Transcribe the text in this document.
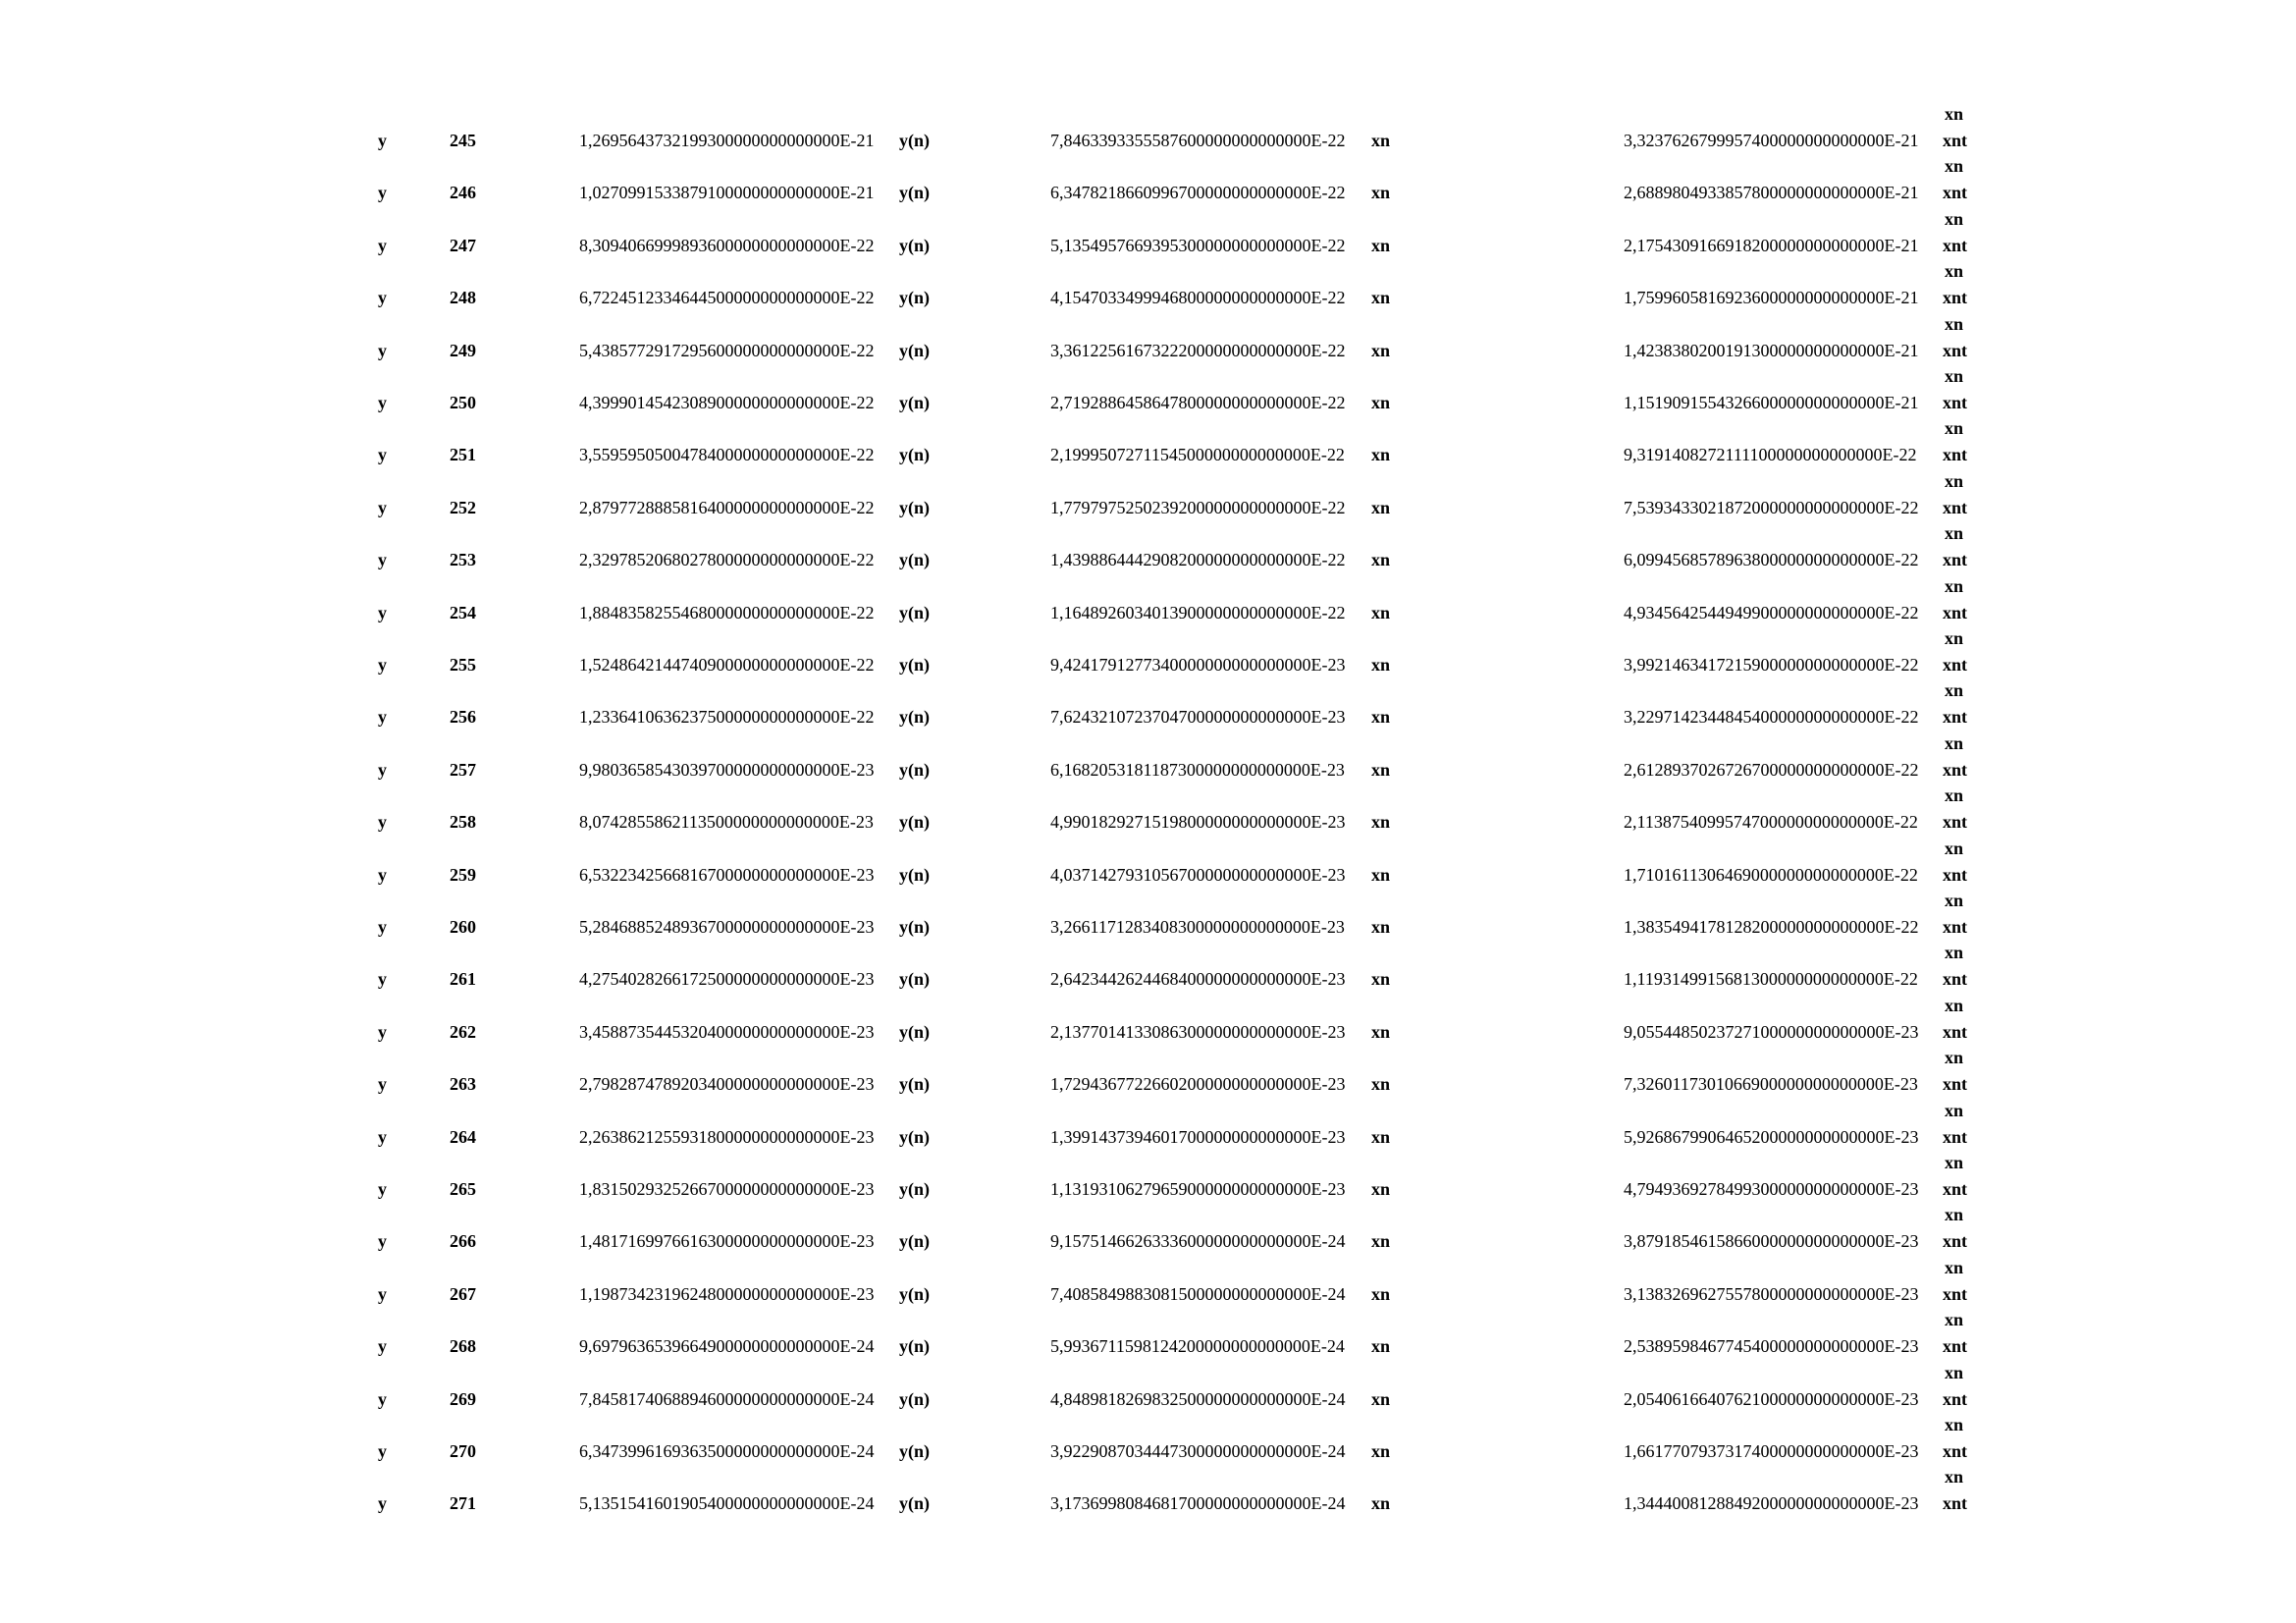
xn
y	245	1,2695643732199300000000000000E-21 y(n)	7,8463393355587600000000000000E-22 xn	3,3237626799957400000000000000E-21 xnt
xn
y	246	1,0270991533879100000000000000E-21 y(n)	6,3478218660996700000000000000E-22 xn	2,6889804933857800000000000000E-21 xnt
xn
y	247	8,3094066999893600000000000000E-22 y(n)	5,1354957669395300000000000000E-22 xn	2,1754309166918200000000000000E-21 xnt
xn
y	248	6,7224512334644500000000000000E-22 y(n)	4,1547033499946800000000000000E-22 xn	1,7599605816923600000000000000E-21 xnt
xn
y	249	5,4385772917295600000000000000E-22 y(n)	3,3612256167322200000000000000E-22 xn	1,4238380200191300000000000000E-21 xnt
xn
y	250	4,3999014542308900000000000000E-22 y(n)	2,7192886458647800000000000000E-22 xn	1,1519091554326600000000000000E-21 xnt
xn
y	251	3,5595950500478400000000000000E-22 y(n)	2,1999507271154500000000000000E-22 xn	9,3191408272111100000000000000E-22 xnt
xn
y	252	2,8797728885816400000000000000E-22 y(n)	1,7797975250239200000000000000E-22 xn	7,5393433021872000000000000000E-22 xnt
xn
y	253	2,3297852068027800000000000000E-22 y(n)	1,4398864442908200000000000000E-22 xn	6,0994568578963800000000000000E-22 xnt
xn
y	254	1,8848358255468000000000000000E-22 y(n)	1,1648926034013900000000000000E-22 xn	4,9345642544949900000000000000E-22 xnt
xn
y	255	1,5248642144740900000000000000E-22 y(n)	9,4241791277340000000000000000E-23 xn	3,9921463417215900000000000000E-22 xnt
xn
y	256	1,2336410636237500000000000000E-22 y(n)	7,6243210723704700000000000000E-23 xn	3,2297142344845400000000000000E-22 xnt
xn
y	257	9,9803658543039700000000000000E-23 y(n)	6,1682053181187300000000000000E-23 xn	2,6128937026726700000000000000E-22 xnt
xn
y	258	8,0742855862113500000000000000E-23 y(n)	4,9901829271519800000000000000E-23 xn	2,1138754099574700000000000000E-22 xnt
xn
y	259	6,5322342566816700000000000000E-23 y(n)	4,0371427931056700000000000000E-23 xn	1,7101611306469000000000000000E-22 xnt
xn
y	260	5,2846885248936700000000000000E-23 y(n)	3,2661171283408300000000000000E-23 xn	1,3835494178128200000000000000E-22 xnt
xn
y	261	4,2754028266172500000000000000E-23 y(n)	2,6423442624468400000000000000E-23 xn	1,1193149915681300000000000000E-22 xnt
xn
y	262	3,4588735445320400000000000000E-23 y(n)	2,1377014133086300000000000000E-23 xn	9,0554485023727100000000000000E-23 xnt
xn
y	263	2,7982874789203400000000000000E-23 y(n)	1,7294367722660200000000000000E-23 xn	7,3260117301066900000000000000E-23 xnt
xn
y	264	2,2638621255931800000000000000E-23 y(n)	1,3991437394601700000000000000E-23 xn	5,9268679906465200000000000000E-23 xnt
xn
y	265	1,8315029325266700000000000000E-23 y(n)	1,1319310627965900000000000000E-23 xn	4,7949369278499300000000000000E-23 xnt
xn
y	266	1,4817169976616300000000000000E-23 y(n)	9,1575146626333600000000000000E-24 xn	3,8791854615866000000000000000E-23 xnt
xn
y	267	1,1987342319624800000000000000E-23 y(n)	7,4085849883081500000000000000E-24 xn	3,1383269627557800000000000000E-23 xnt
xn
y	268	9,6979636539664900000000000000E-24 y(n)	5,9936711598124200000000000000E-24 xn	2,5389598467745400000000000000E-23 xnt
xn
y	269	7,8458174068894600000000000000E-24 y(n)	4,8489818269832500000000000000E-24 xn	2,0540616640762100000000000000E-23 xnt
xn
y	270	6,3473996169363500000000000000E-24 y(n)	3,9229087034447300000000000000E-24 xn	1,6617707937317400000000000000E-23 xnt
xn
y	271	5,1351541601905400000000000000E-24 y(n)	3,1736998084681700000000000000E-24 xn	1,3444008128849200000000000000E-23 xnt
